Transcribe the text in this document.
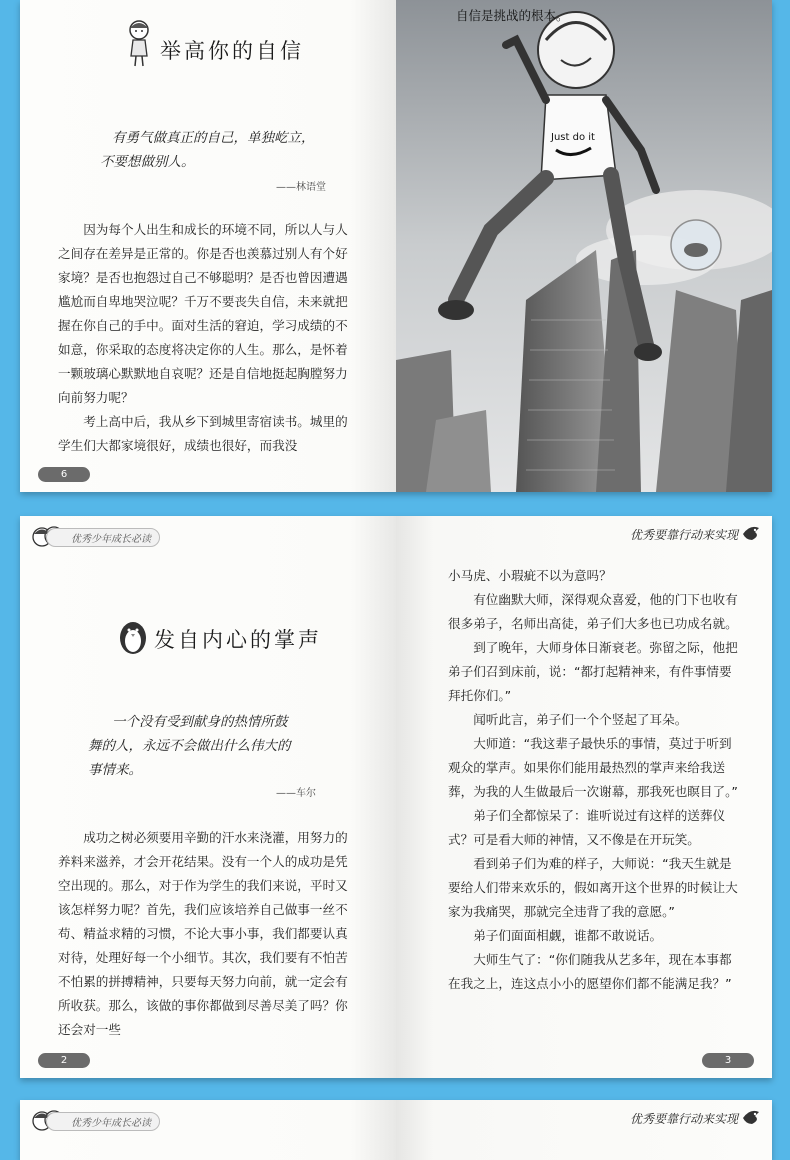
举高你的自信

有勇气做真正的自己，单独屹立，

不要想做别人。

——林语堂

因为每个人出生和成长的环境不同，所以人与人之间存在差异是正常的。你是否也羡慕过别人有个好家境？是否也抱怨过自己不够聪明？是否也曾因遭遇尴尬而自卑地哭泣呢？千万不要丧失自信，未来就把握在你自己的手中。面对生活的窘迫，学习成绩的不如意，你采取的态度将决定你的人生。那么，是怀着一颗玻璃心默默地自哀呢？还是自信地挺起胸膛努力向前努力呢？

考上高中后，我从乡下到城里寄宿读书。城里的学生们大都家境很好，成绩也很好，而我没

6
Just do it
自信是挑战的根本。
优秀少年成长必读
发自内心的掌声

一个没有受到献身的热情所鼓

舞的人，永远不会做出什么伟大的

事情来。

——车尔

成功之树必须要用辛勤的汗水来浇灌，用努力的养料来滋养，才会开花结果。没有一个人的成功是凭空出现的。那么，对于作为学生的我们来说，平时又该怎样努力呢？首先，我们应该培养自己做事一丝不苟、精益求精的习惯，不论大事小事，我们都要认真对待，处理好每一个小细节。其次，我们要有不怕苦不怕累的拼搏精神，只要每天努力向前，就一定会有所收获。那么，该做的事你都做到尽善尽美了吗？你还会对一些

2
优秀要靠行动来实现

小马虎、小瑕疵不以为意吗？

有位幽默大师，深得观众喜爱，他的门下也收有很多弟子，名师出高徒，弟子们大多也已功成名就。

到了晚年，大师身体日渐衰老。弥留之际，他把弟子们召到床前，说：“都打起精神来，有件事情要拜托你们。”

闻听此言，弟子们一个个竖起了耳朵。

大师道：“我这辈子最快乐的事情，莫过于听到观众的掌声。如果你们能用最热烈的掌声来给我送葬，为我的人生做最后一次谢幕，那我死也瞑目了。”

弟子们全都惊呆了：谁听说过有这样的送葬仪式？可是看大师的神情，又不像是在开玩笑。

看到弟子们为难的样子，大师说：“我天生就是要给人们带来欢乐的，假如离开这个世界的时候让大家为我痛哭，那就完全违背了我的意愿。”

弟子们面面相觑，谁都不敢说话。

大师生气了：“你们随我从艺多年，现在本事都在我之上，连这点小小的愿望你们都不能满足我？”

3
优秀少年成长必读	优秀要靠行动来实现
